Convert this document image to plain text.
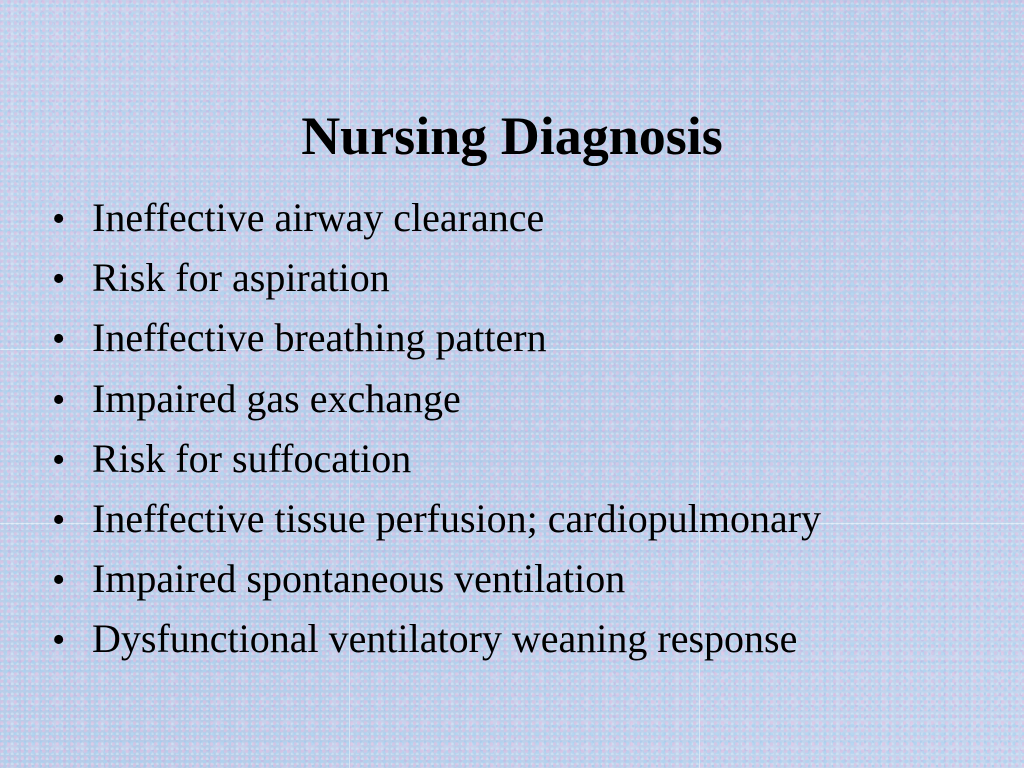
Nursing Diagnosis
• Ineffective airway clearance
• Risk for aspiration
• Ineffective breathing pattern
• Impaired gas exchange
• Risk for suffocation
• Ineffective tissue perfusion; cardiopulmonary
• Impaired spontaneous ventilation
• Dysfunctional ventilatory weaning response
